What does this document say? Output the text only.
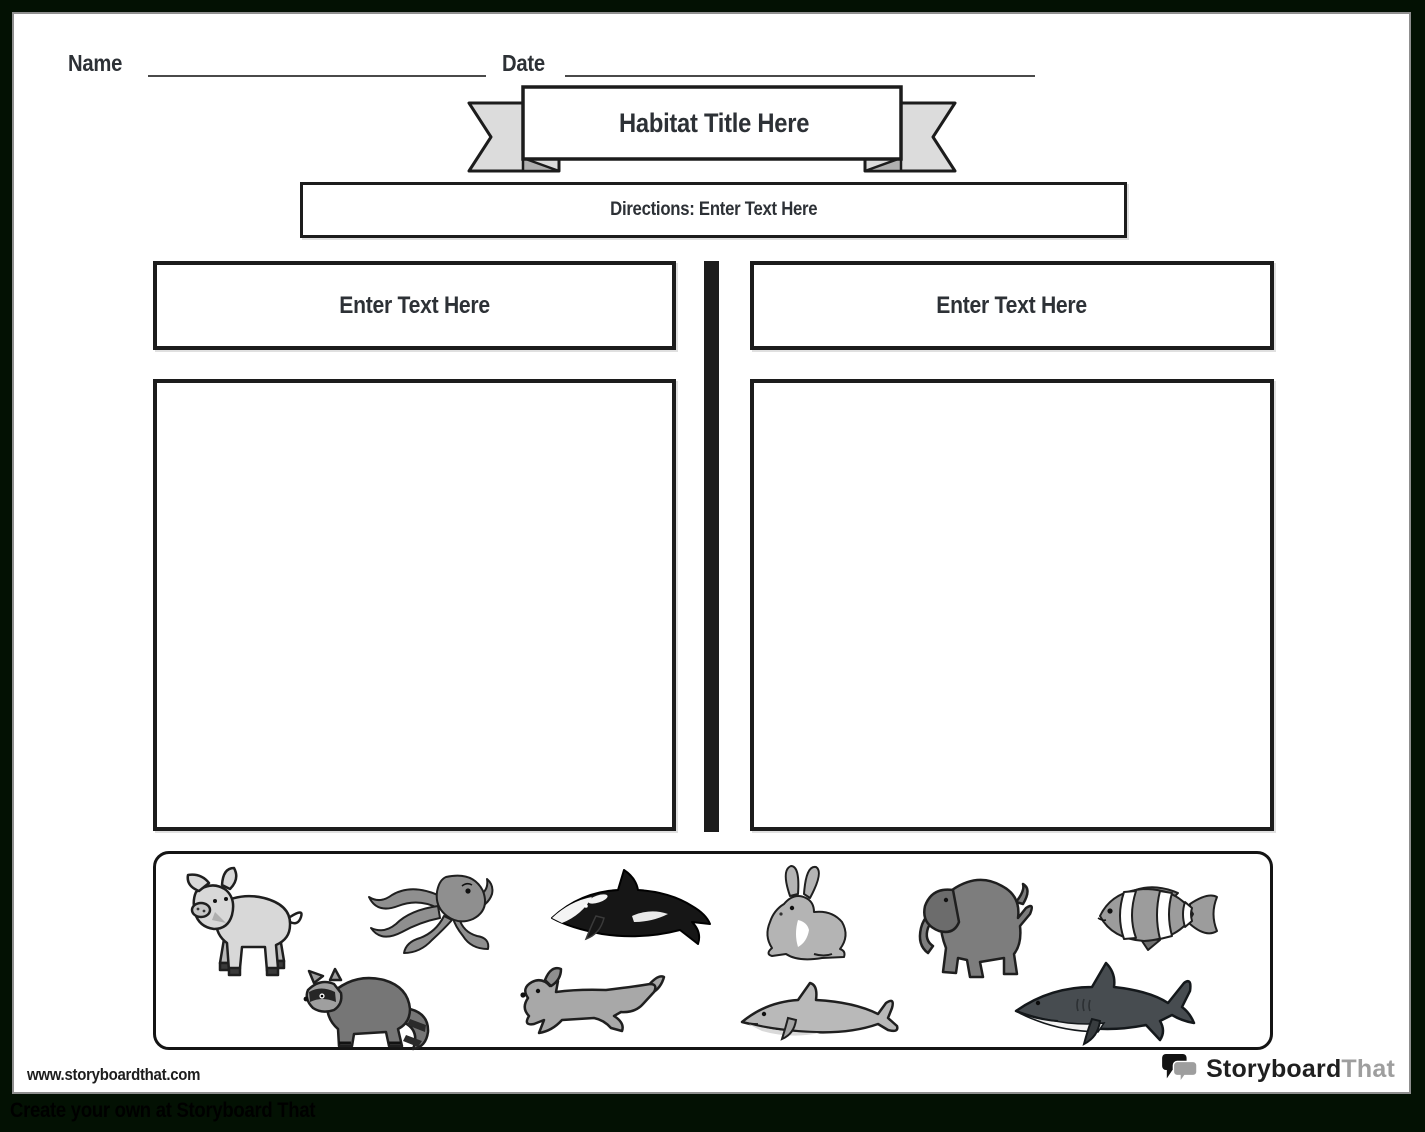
Name	Date
Habitat Title Here
Directions: Enter Text Here
Enter Text Here	Enter Text Here
www.storyboardthat.com	StoryboardThat
Create your own at Storyboard That
